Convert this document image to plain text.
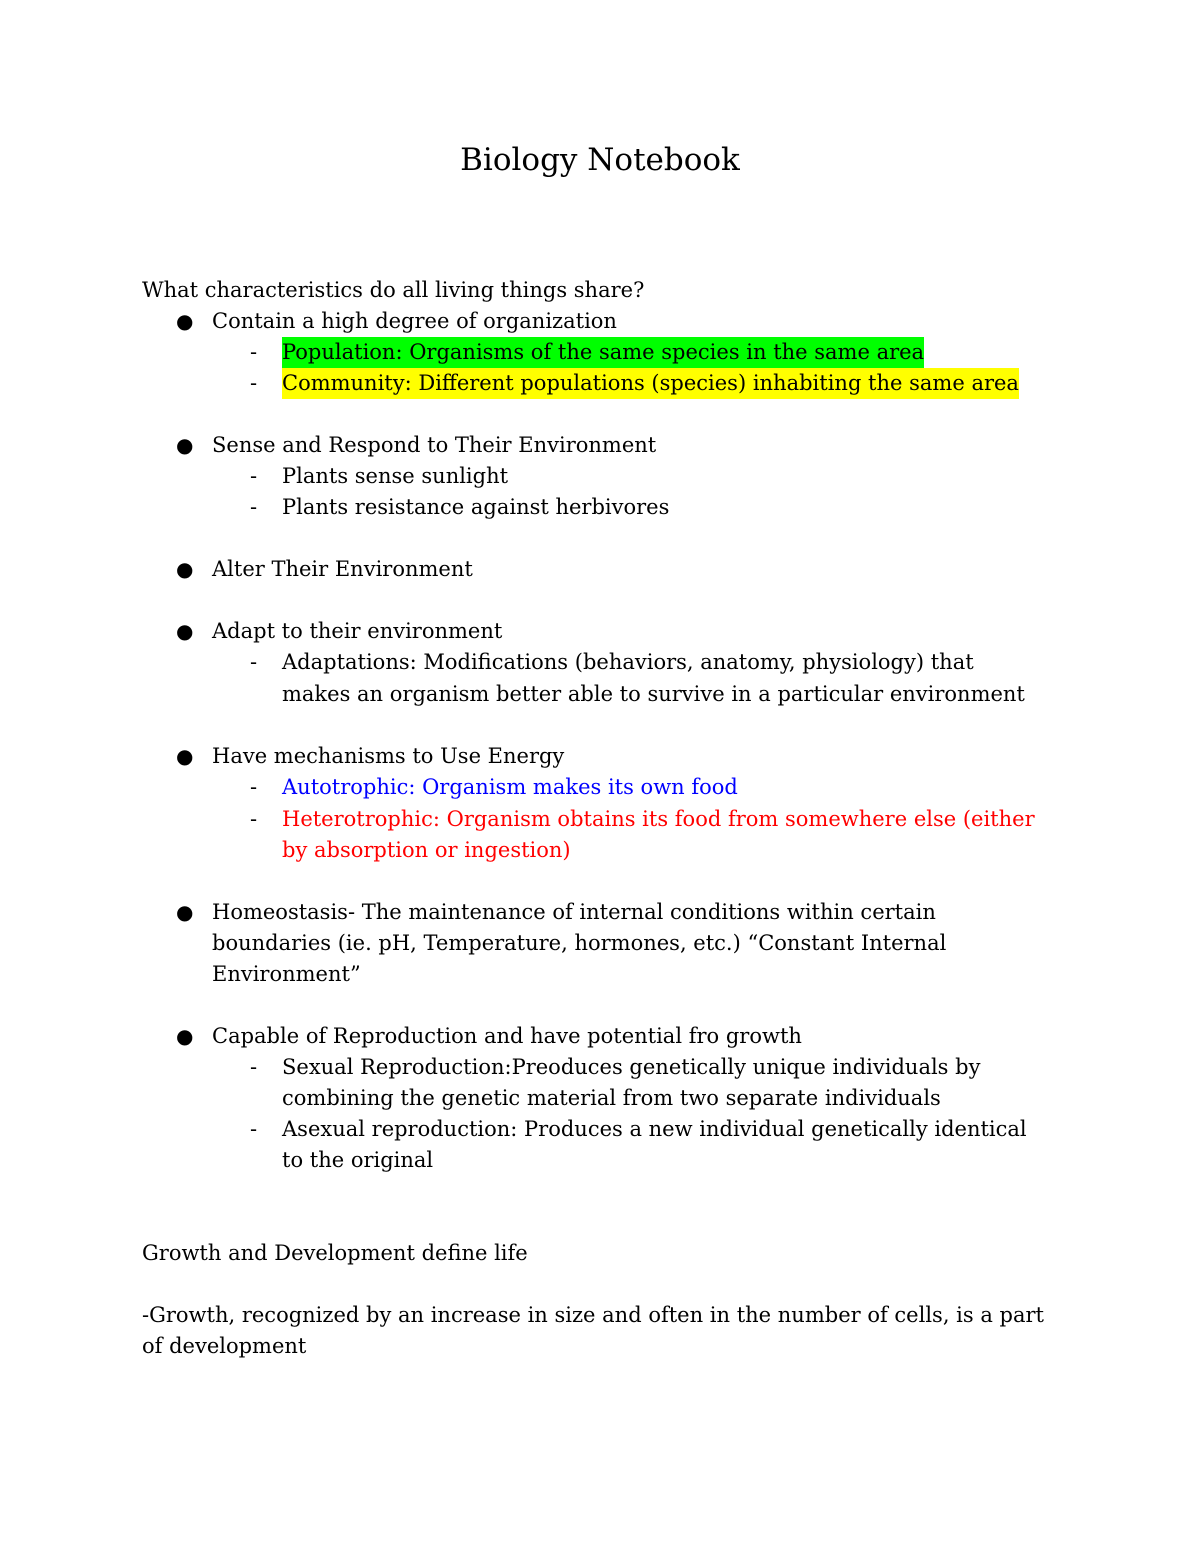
Biology Notebook
What characteristics do all living things share?
● Contain a high degree of organization
- Population: Organisms of the same species in the same area
- Community: Different populations (species) inhabiting the same area
● Sense and Respond to Their Environment
- Plants sense sunlight
- Plants resistance against herbivores
● Alter Their Environment
● Adapt to their environment
- Adaptations: Modifications (behaviors, anatomy, physiology) that
makes an organism better able to survive in a particular environment
● Have mechanisms to Use Energy
- Autotrophic: Organism makes its own food
- Heterotrophic: Organism obtains its food from somewhere else (either
by absorption or ingestion)
● Homeostasis- The maintenance of internal conditions within certain
boundaries (ie. pH, Temperature, hormones, etc.) “Constant Internal
Environment”
● Capable of Reproduction and have potential fro growth
- Sexual Reproduction:Preoduces genetically unique individuals by
combining the genetic material from two separate individuals
- Asexual reproduction: Produces a new individual genetically identical
to the original
Growth and Development define life
-Growth, recognized by an increase in size and often in the number of cells, is a part
of development
